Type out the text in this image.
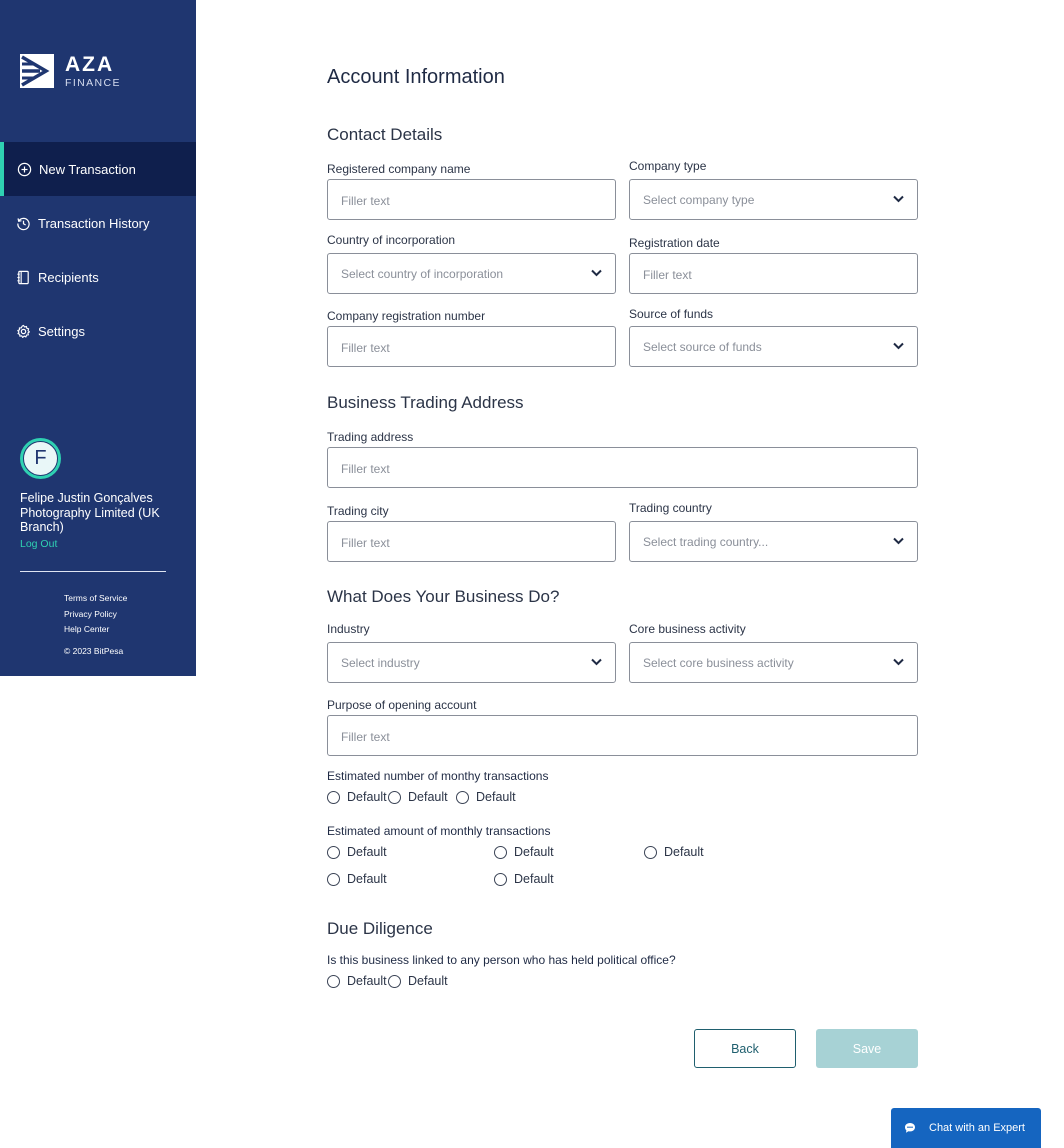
AZA
FINANCE
New Transaction
Transaction History
Recipients
Settings
F
Felipe Justin Gonçalves Photography Limited (UK Branch)
Log Out
Terms of Service
Privacy Policy
Help Center
© 2023 BitPesa
Account Information
Contact Details
Registered company name
Filler text
Company type
Select company type
Country of incorporation
Select country of incorporation
Registration date
Filler text
Company registration number
Filler text
Source of funds
Select source of funds
Business Trading Address
Trading address
Filler text
Trading city
Filler text
Trading country
Select trading country...
What Does Your Business Do?
Industry
Select industry
Core business activity
Select core business activity
Purpose of opening account
Filler text
Estimated number of monthy transactions
Default Default Default
Estimated amount of monthly transactions
Default	Default	Default
Default	Default
Due Diligence
Is this business linked to any person who has held political office?
Default Default
Back	Save
Chat with an Expert
